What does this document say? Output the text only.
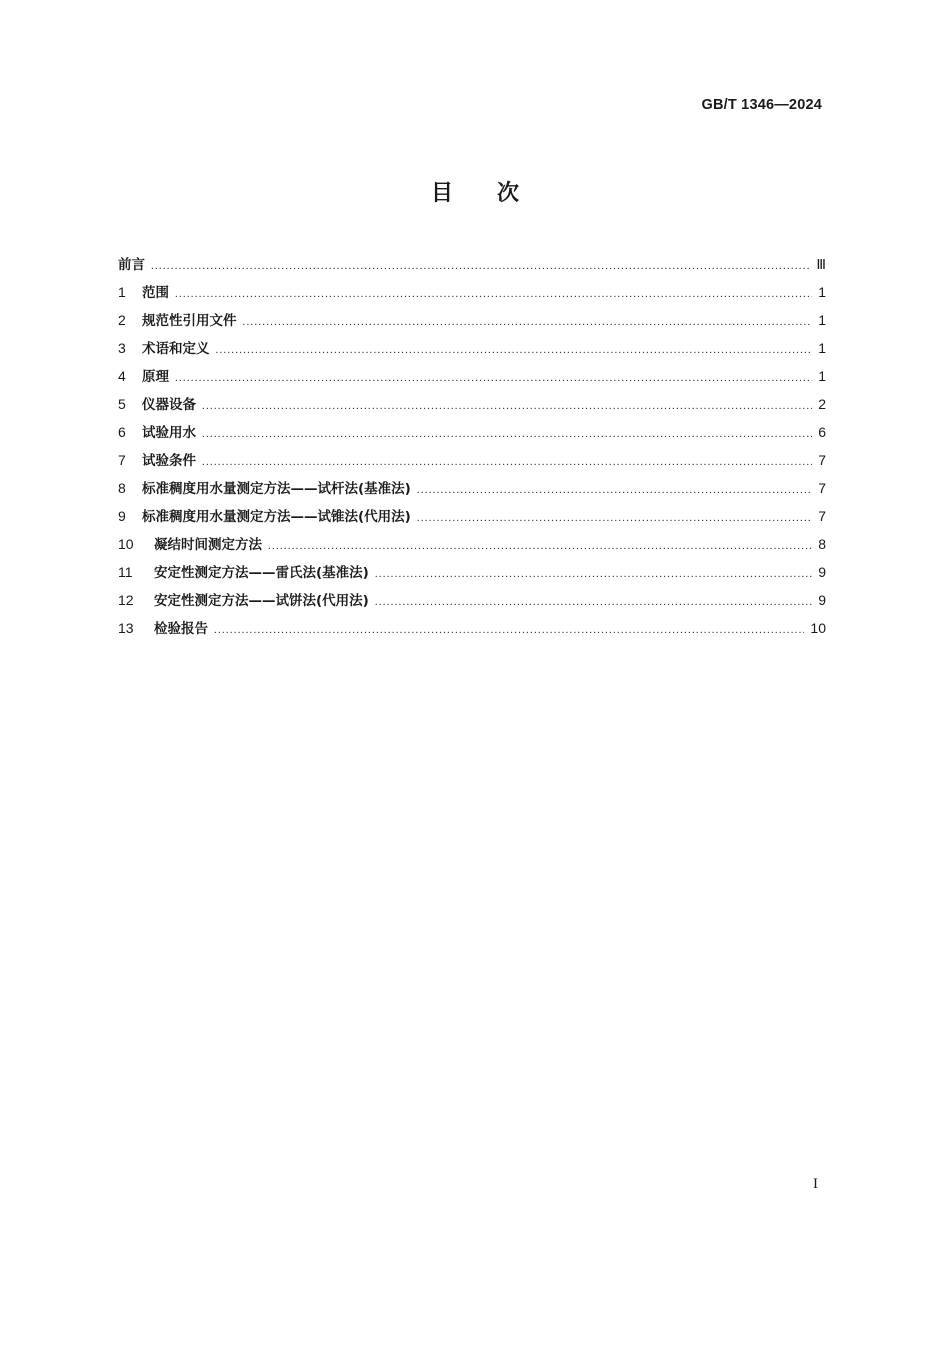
GB/T 1346—2024
目次
前言 .....	Ⅲ
1	范围 .....	1
2	规范性引用文件 .....	1
3	术语和定义 .....	1
4	原理 .....	1
5	仪器设备 .....	2
6	试验用水 .....	6
7	试验条件 .....	7
8	标准稠度用水量测定方法——试杆法(基准法) .....	7
9	标准稠度用水量测定方法——试锥法(代用法) .....	7
10	凝结时间测定方法 .....	8
11	安定性测定方法——雷氏法(基准法) .....	9
12	安定性测定方法——试饼法(代用法) .....	9
13	检验报告 .....	10
I
